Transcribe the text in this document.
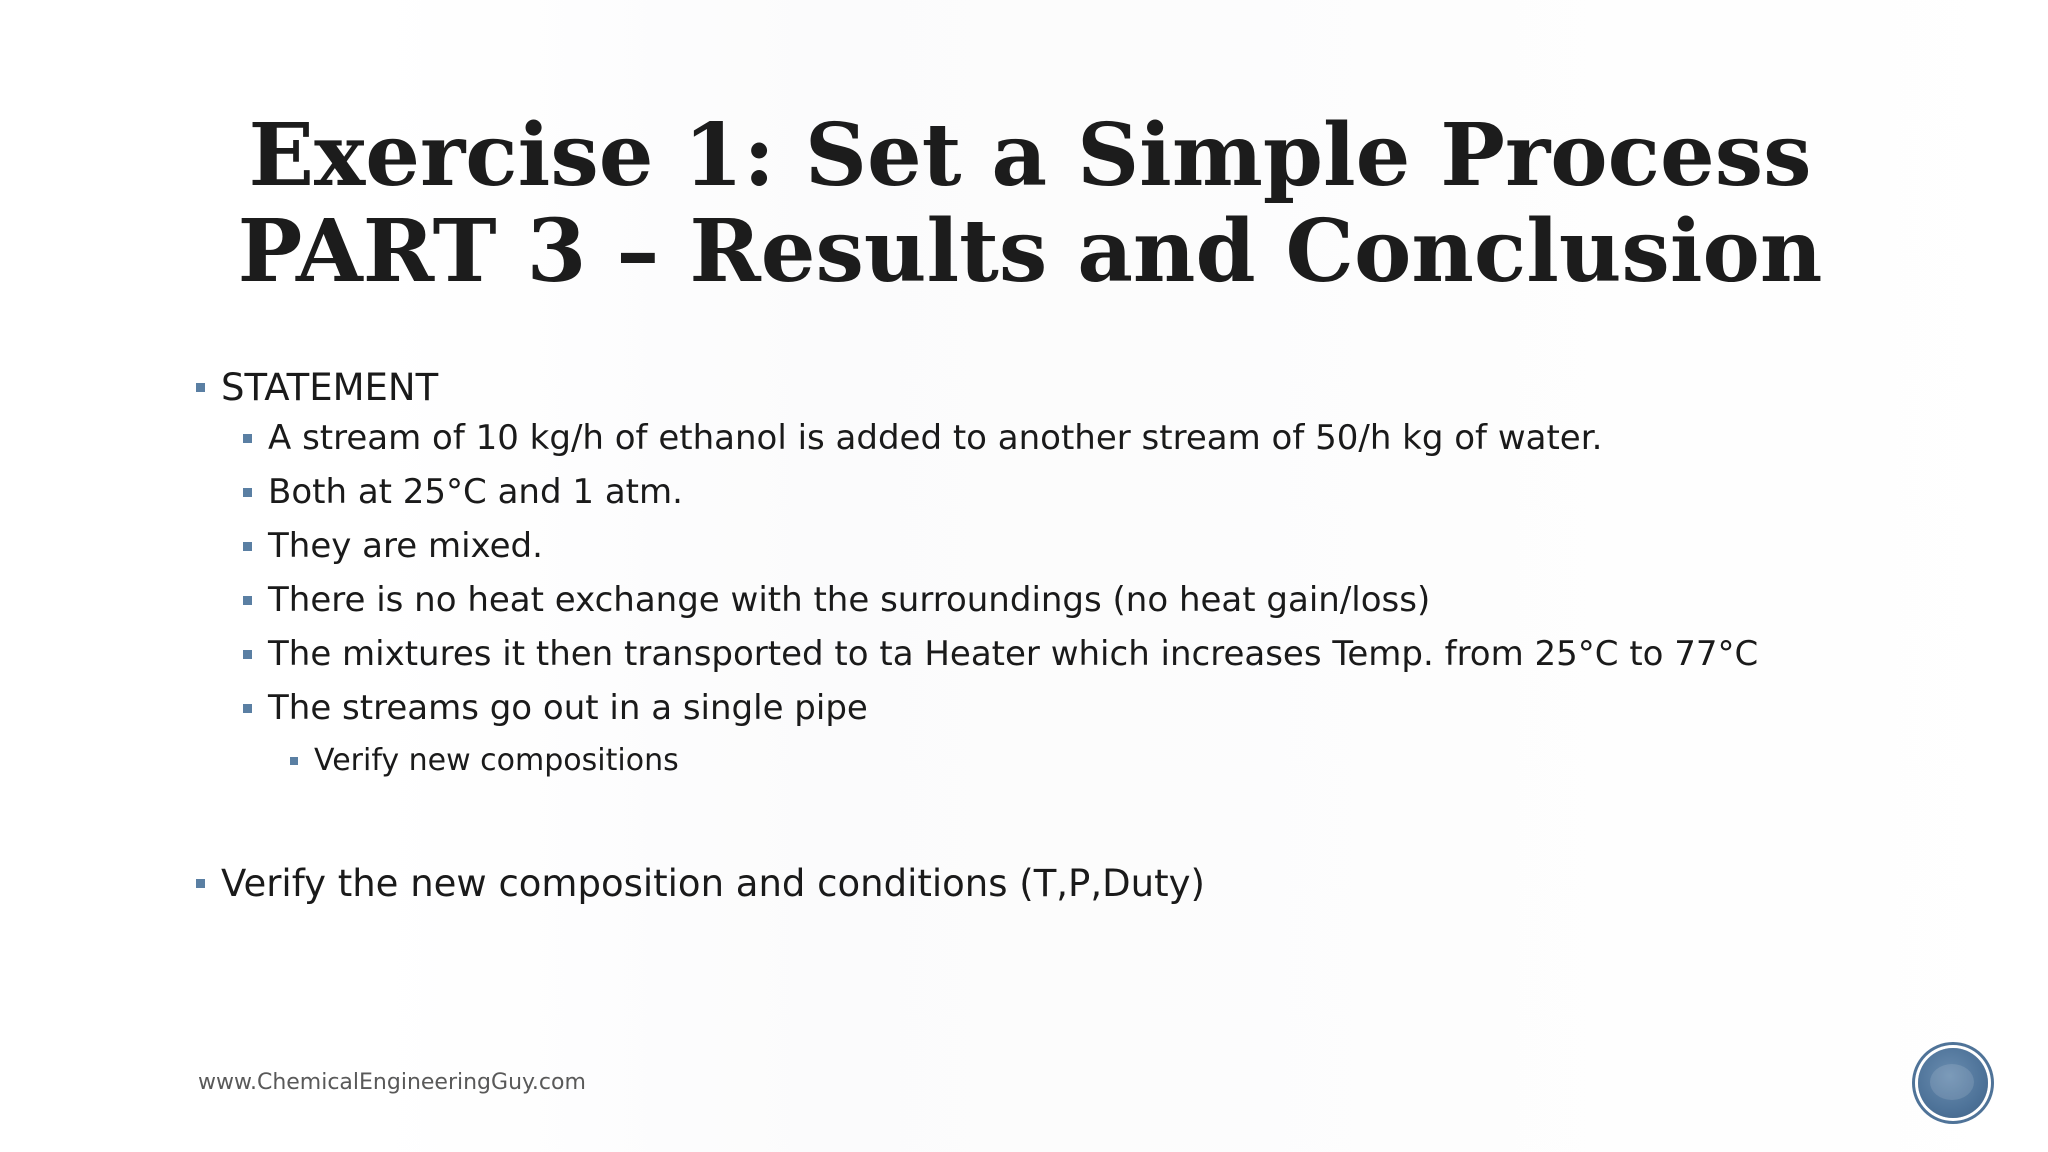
Exercise 1: Set a Simple Process
PART 3 – Results and Conclusion
STATEMENT
A stream of 10 kg/h of ethanol is added to another stream of 50/h kg of water.
Both at 25°C and 1 atm.
They are mixed.
There is no heat exchange with the surroundings (no heat gain/loss)
The mixtures it then transported to ta Heater which increases Temp. from 25°C to 77°C
The streams go out in a single pipe
Verify new compositions
Verify the new composition and conditions (T,P,Duty)
www.ChemicalEngineeringGuy.com
